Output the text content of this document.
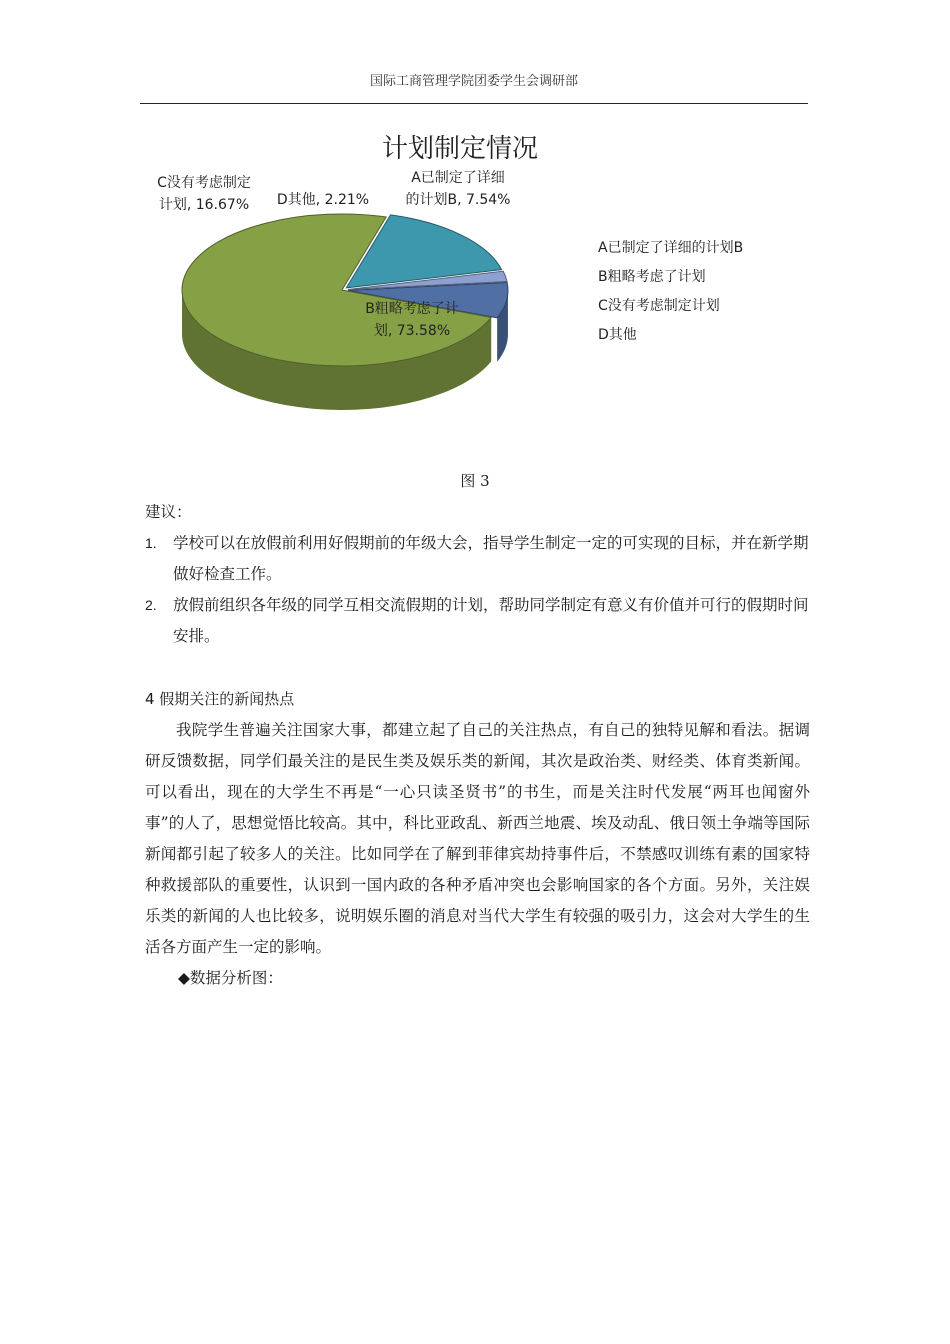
国际工商管理学院团委学生会调研部
计划制定情况
A已制定了详细
的计划B, 7.54%
B粗略考虑了计
划, 73.58%
C没有考虑制定
计划, 16.67% D其他, 2.21%
A已制定了详细的计划B
B粗略考虑了计划
C没有考虑制定计划
D其他
图 3
建议：
1. 学校可以在放假前利用好假期前的年级大会，指导学生制定一定的可实现的目标，并在新学期做好检查工作。
2. 放假前组织各年级的同学互相交流假期的计划，帮助同学制定有意义有价值并可行的假期时间安排。
4 假期关注的新闻热点
我院学生普遍关注国家大事，都建立起了自己的关注热点，有自己的独特见解和看法。据调研反馈数据，同学们最关注的是民生类及娱乐类的新闻，其次是政治类、财经类、体育类新闻。可以看出，现在的大学生不再是“一心只读圣贤书”的书生，而是关注时代发展“两耳也闻窗外事”的人了，思想觉悟比较高。其中，科比亚政乱、新西兰地震、埃及动乱、俄日领土争端等国际新闻都引起了较多人的关注。比如同学在了解到菲律宾劫持事件后，不禁感叹训练有素的国家特种救援部队的重要性，认识到一国内政的各种矛盾冲突也会影响国家的各个方面。另外，关注娱乐类的新闻的人也比较多，说明娱乐圈的消息对当代大学生有较强的吸引力，这会对大学生的生活各方面产生一定的影响。
◆数据分析图：
